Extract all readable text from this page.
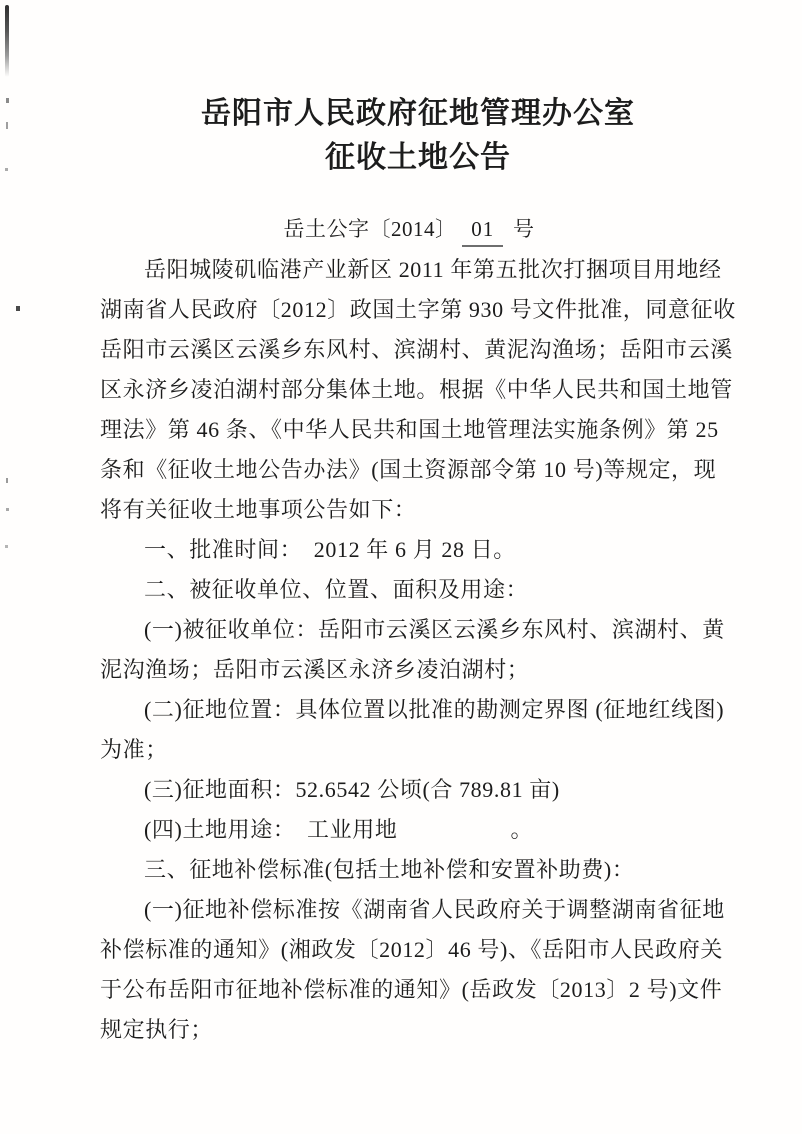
岳阳市人民政府征地管理办公室
征收土地公告
岳土公字〔2014〕 01 号
岳阳城陵矶临港产业新区 2011 年第五批次打捆项目用地经
湖南省人民政府〔2012〕政国土字第 930 号文件批准，同意征收
岳阳市云溪区云溪乡东风村、滨湖村、黄泥沟渔场；岳阳市云溪
区永济乡凌泊湖村部分集体土地。根据《中华人民共和国土地管
理法》第 46 条、《中华人民共和国土地管理法实施条例》第 25
条和《征收土地公告办法》(国土资源部令第 10 号)等规定，现
将有关征收土地事项公告如下：
一、批准时间：　2012 年 6 月 28 日。
二、被征收单位、位置、面积及用途：
(一)被征收单位：岳阳市云溪区云溪乡东风村、滨湖村、黄
泥沟渔场；岳阳市云溪区永济乡凌泊湖村；
(二)征地位置：具体位置以批准的勘测定界图 (征地红线图)
为准；
(三)征地面积：52.6542 公顷(合 789.81 亩)
(四)土地用途：　工业用地　　　　　。
三、征地补偿标准(包括土地补偿和安置补助费)：
(一)征地补偿标准按《湖南省人民政府关于调整湖南省征地
补偿标准的通知》(湘政发〔2012〕46 号)、《岳阳市人民政府关
于公布岳阳市征地补偿标准的通知》(岳政发〔2013〕2 号)文件
规定执行；
